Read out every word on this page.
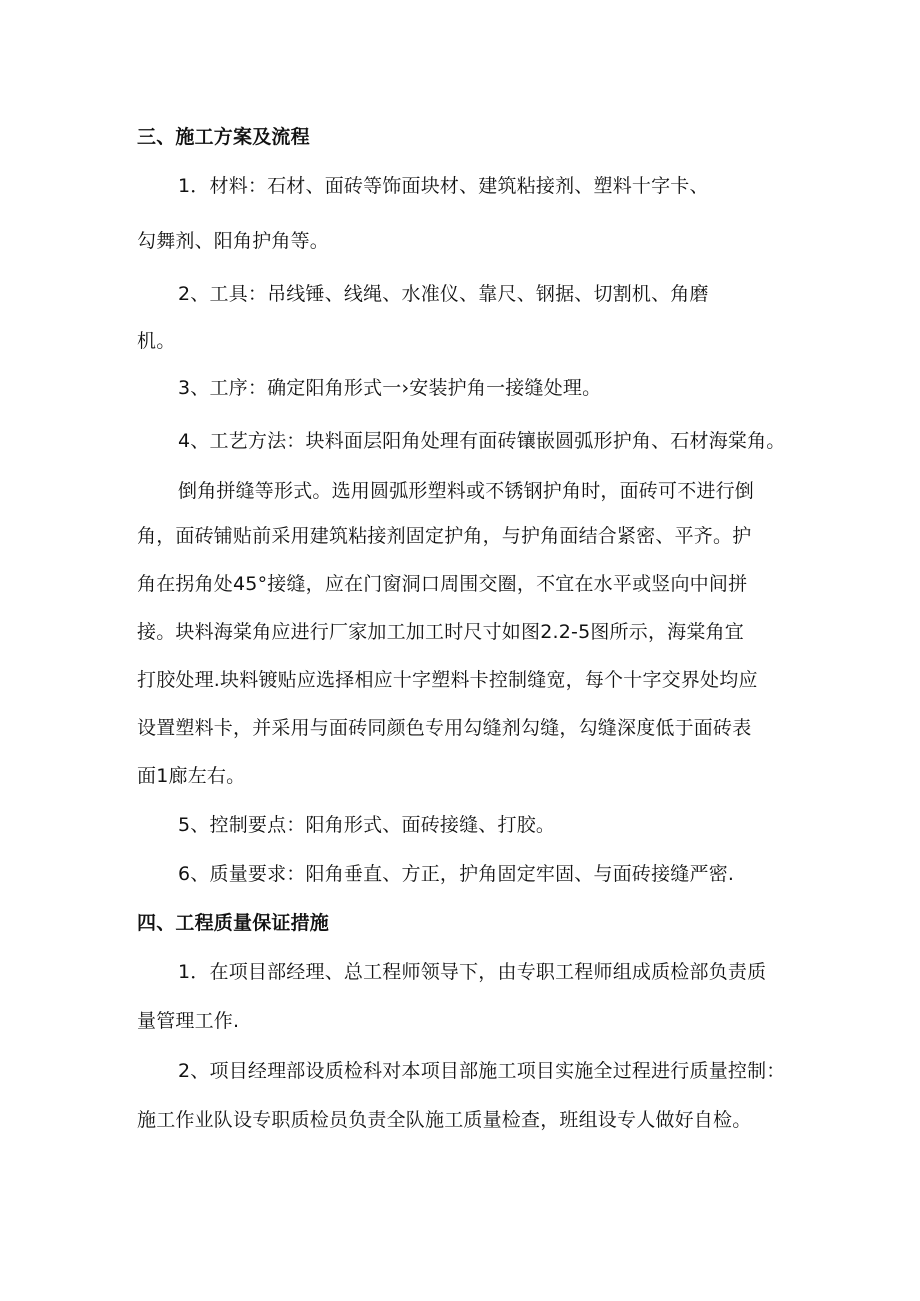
三、施工方案及流程
1．材料：石材、面砖等饰面块材、建筑粘接剂、塑料十字卡、
勾舞剂、阳角护角等。
2、工具：吊线锤、线绳、水准仪、靠尺、钢据、切割机、角磨
机。
3、工序：确定阳角形式一›安装护角一接缝处理。
4、工艺方法：块料面层阳角处理有面砖镶嵌圆弧形护角、石材海棠角。
倒角拼缝等形式。选用圆弧形塑料或不锈钢护角时，面砖可不进行倒
角，面砖铺贴前采用建筑粘接剂固定护角，与护角面结合紧密、平齐。护
角在拐角处45°接缝，应在门窗洞口周围交圈，不宜在水平或竖向中间拼
接。块料海棠角应进行厂家加工加工时尺寸如图2.2-5图所示，海棠角宜
打胶处理.块料镀贴应选择相应十字塑料卡控制缝宽，每个十字交界处均应
设置塑料卡，并采用与面砖同颜色专用勾缝剂勾缝，勾缝深度低于面砖表
面1廊左右。
5、控制要点：阳角形式、面砖接缝、打胶。
6、质量要求：阳角垂直、方正，护角固定牢固、与面砖接缝严密.
四、工程质量保证措施
1．在项目部经理、总工程师领导下，由专职工程师组成质检部负责质
量管理工作.
2、项目经理部设质检科对本项目部施工项目实施全过程进行质量控制：
施工作业队设专职质检员负责全队施工质量检查，班组设专人做好自检。
